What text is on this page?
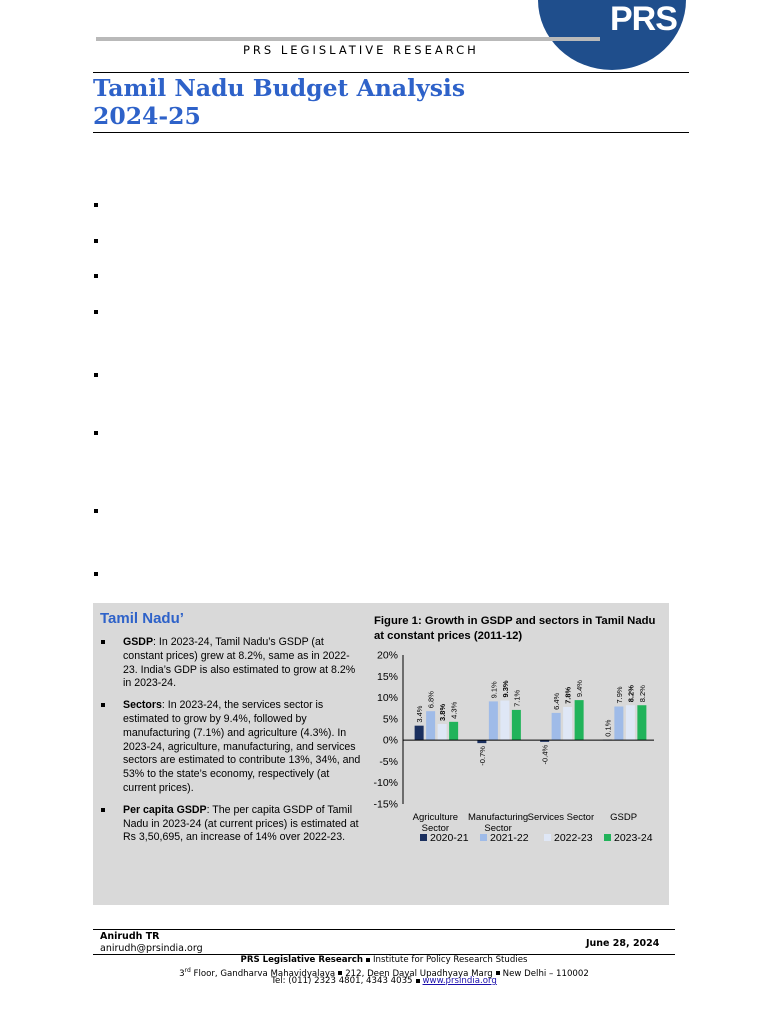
PRS
PRS LEGISLATIVE RESEARCH
Tamil Nadu Budget Analysis
2024-25
Tamil Nadu’
GSDP: In 2023-24, Tamil Nadu’s GSDP (at constant prices) grew at 8.2%, same as in 2022-23. India’s GDP is also estimated to grow at 8.2% in 2023-24.
Sectors: In 2023-24, the services sector is estimated to grow by 9.4%, followed by manufacturing (7.1%) and agriculture (4.3%). In 2023-24, agriculture, manufacturing, and services sectors are estimated to contribute 13%, 34%, and 53% to the state’s economy, respectively (at current prices).
Per capita GSDP: The per capita GSDP of Tamil Nadu in 2023-24 (at current prices) is estimated at Rs 3,50,695, an increase of 14% over 2022-23.
Figure 1: Growth in GSDP and sectors in Tamil Nadu at constant prices (2011-12)
20%
15%
10%
5%
0%
-5%
-10%
-15%
3.4%
6.8%
3.8% 4.3%
Agriculture Sector
-0.7%
9.1% 9.3%
7.1%
Manufacturing Sector
-0.4%
6.4% 7.8% 9.4%
Services Sector
0.1%
7.9% 8.2% 8.2%
GSDP
2020-21 2021-22 2022-23 2023-24
Anirudh TR
anirudh@prsindia.org	June 28, 2024
PRS Legislative Research Institute for Policy Research Studies
3rd Floor, Gandharva Mahavidyalaya 212, Deen Dayal Upadhyaya Marg New Delhi – 110002
Tel: (011) 2323 4801, 4343 4035 www.prsindia.org
